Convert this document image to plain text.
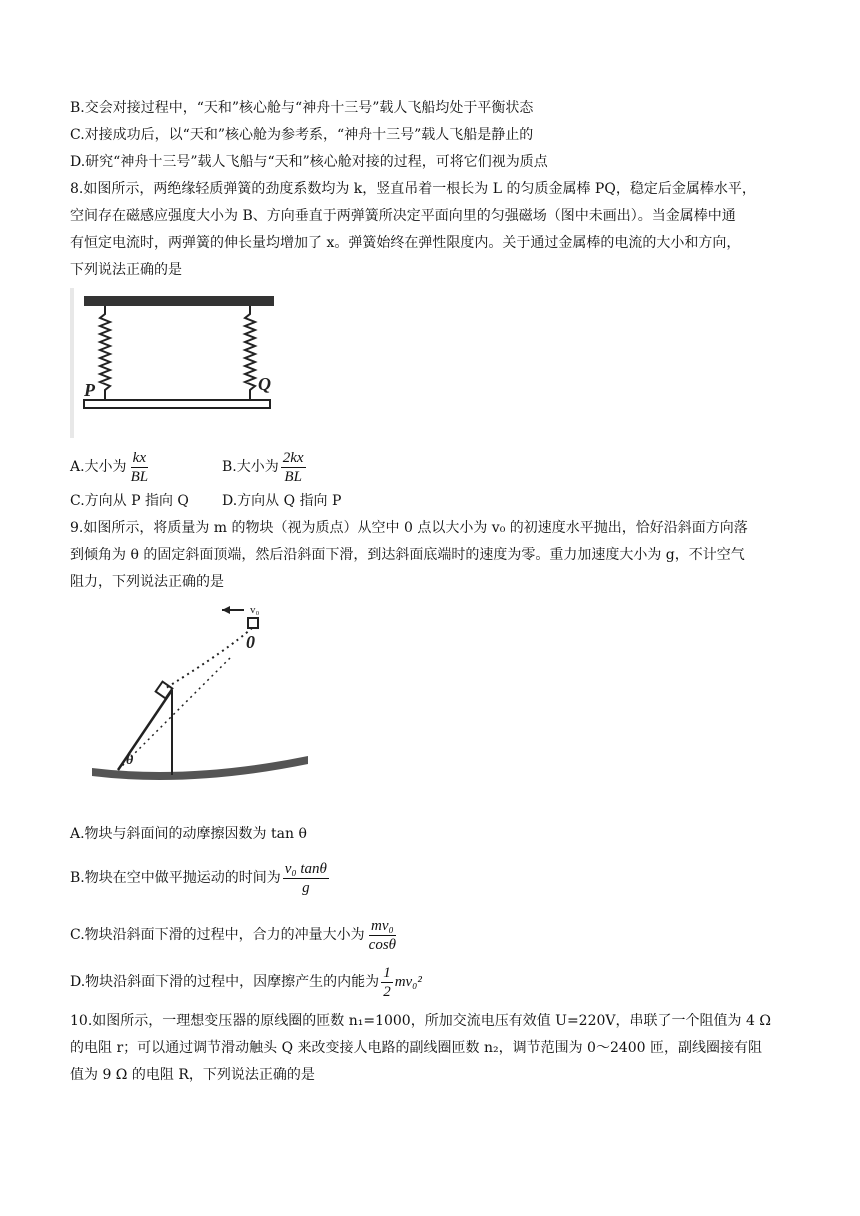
B.交会对接过程中，“天和”核心舱与“神舟十三号”载人飞船均处于平衡状态
C.对接成功后，以“天和”核心舱为参考系，“神舟十三号”载人飞船是静止的
D.研究“神舟十三号”载人飞船与“天和”核心舱对接的过程，可将它们视为质点
8.如图所示，两绝缘轻质弹簧的劲度系数均为 k，竖直吊着一根长为 L 的匀质金属棒 PQ，稳定后金属棒水平，
空间存在磁感应强度大小为 B、方向垂直于两弹簧所决定平面向里的匀强磁场（图中未画出）。当金属棒中通
有恒定电流时，两弹簧的伸长量均增加了 x。弹簧始终在弹性限度内。关于通过金属棒的电流的大小和方向，
下列说法正确的是
P	Q
A.大小为 $\frac{kx}{BL}$	B.大小为 $\frac{2kx}{BL}$
C.方向从 P 指向 Q D.方向从 Q 指向 P
9.如图所示，将质量为 m 的物块（视为质点）从空中 0 点以大小为 v₀ 的初速度水平抛出，恰好沿斜面方向落
到倾角为 θ 的固定斜面顶端，然后沿斜面下滑，到达斜面底端时的速度为零。重力加速度大小为 g，不计空气
阻力，下列说法正确的是
v₀
0
θ
A.物块与斜面间的动摩擦因数为 tan θ
B.物块在空中做平抛运动的时间为 $\frac{\text{v₀ tanθ}}{g}$
C.物块沿斜面下滑的过程中，合力的冲量大小为 $\frac{\text{mv₀}}{\cos\theta}$
D.物块沿斜面下滑的过程中，因摩擦产生的内能为 $\frac{1}{2} mv_0^2$
10.如图所示，一理想变压器的原线圈的匝数 n₁=1000，所加交流电压有效值 U=220V，串联了一个阻值为 4 Ω
的电阻 r；可以通过调节滑动触头 Q 来改变接人电路的副线圈匝数 n₂，调节范围为 0～2400 匝，副线圈接有阻
值为 9 Ω 的电阻 R，下列说法正确的是
